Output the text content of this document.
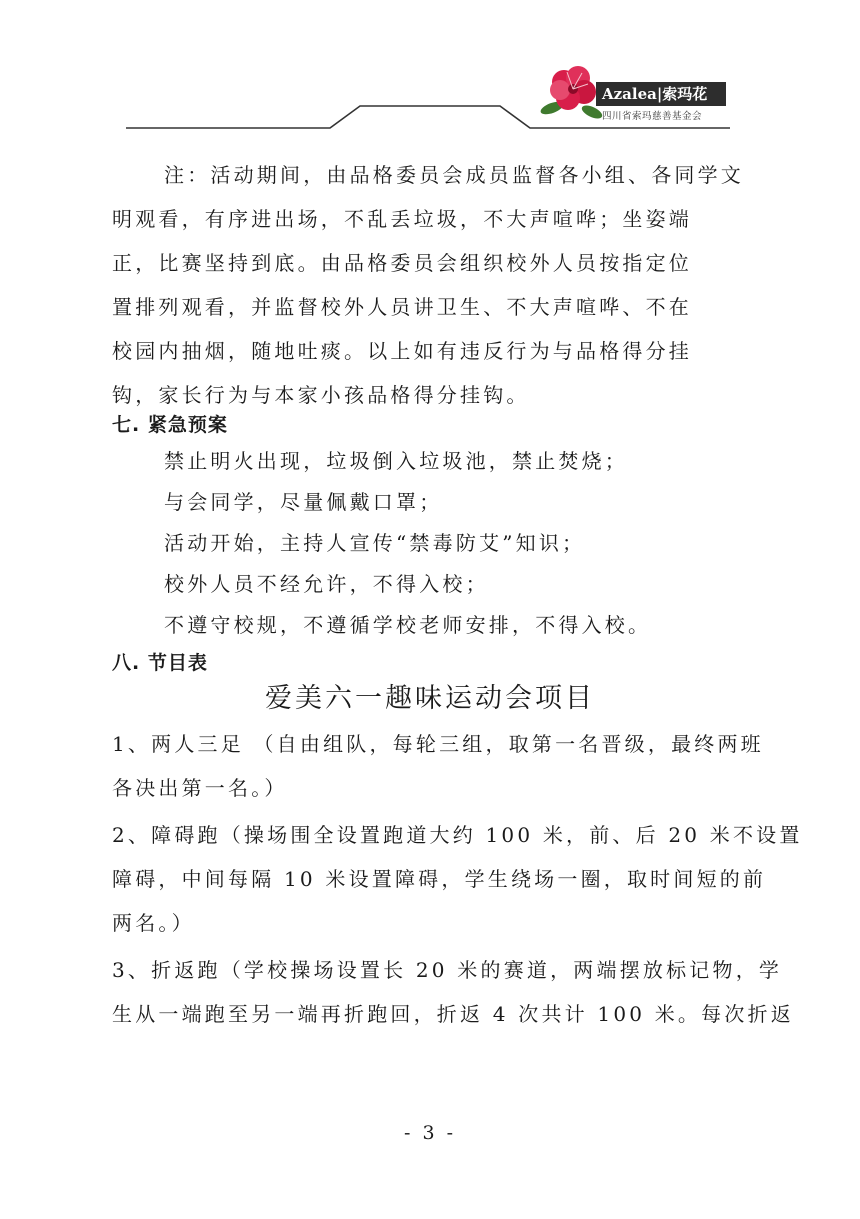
Azalea|索玛花
四川省索玛慈善基金会
注：活动期间，由品格委员会成员监督各小组、各同学文
明观看，有序进出场，不乱丢垃圾，不大声喧哗；坐姿端
正，比赛坚持到底。由品格委员会组织校外人员按指定位
置排列观看，并监督校外人员讲卫生、不大声喧哗、不在
校园内抽烟，随地吐痰。以上如有违反行为与品格得分挂
钩，家长行为与本家小孩品格得分挂钩。
七. 紧急预案
禁止明火出现，垃圾倒入垃圾池，禁止焚烧；
与会同学，尽量佩戴口罩；
活动开始，主持人宣传“禁毒防艾”知识；
校外人员不经允许，不得入校；
不遵守校规，不遵循学校老师安排，不得入校。
八. 节目表
爱美六一趣味运动会项目
1、两人三足 （自由组队，每轮三组，取第一名晋级，最终两班
各决出第一名。）
2、障碍跑（操场围全设置跑道大约 100 米，前、后 20 米不设置
障碍，中间每隔 10 米设置障碍，学生绕场一圈，取时间短的前
两名。）
3、折返跑（学校操场设置长 20 米的赛道，两端摆放标记物，学
生从一端跑至另一端再折跑回，折返 4 次共计 100 米。每次折返
- 3 -
